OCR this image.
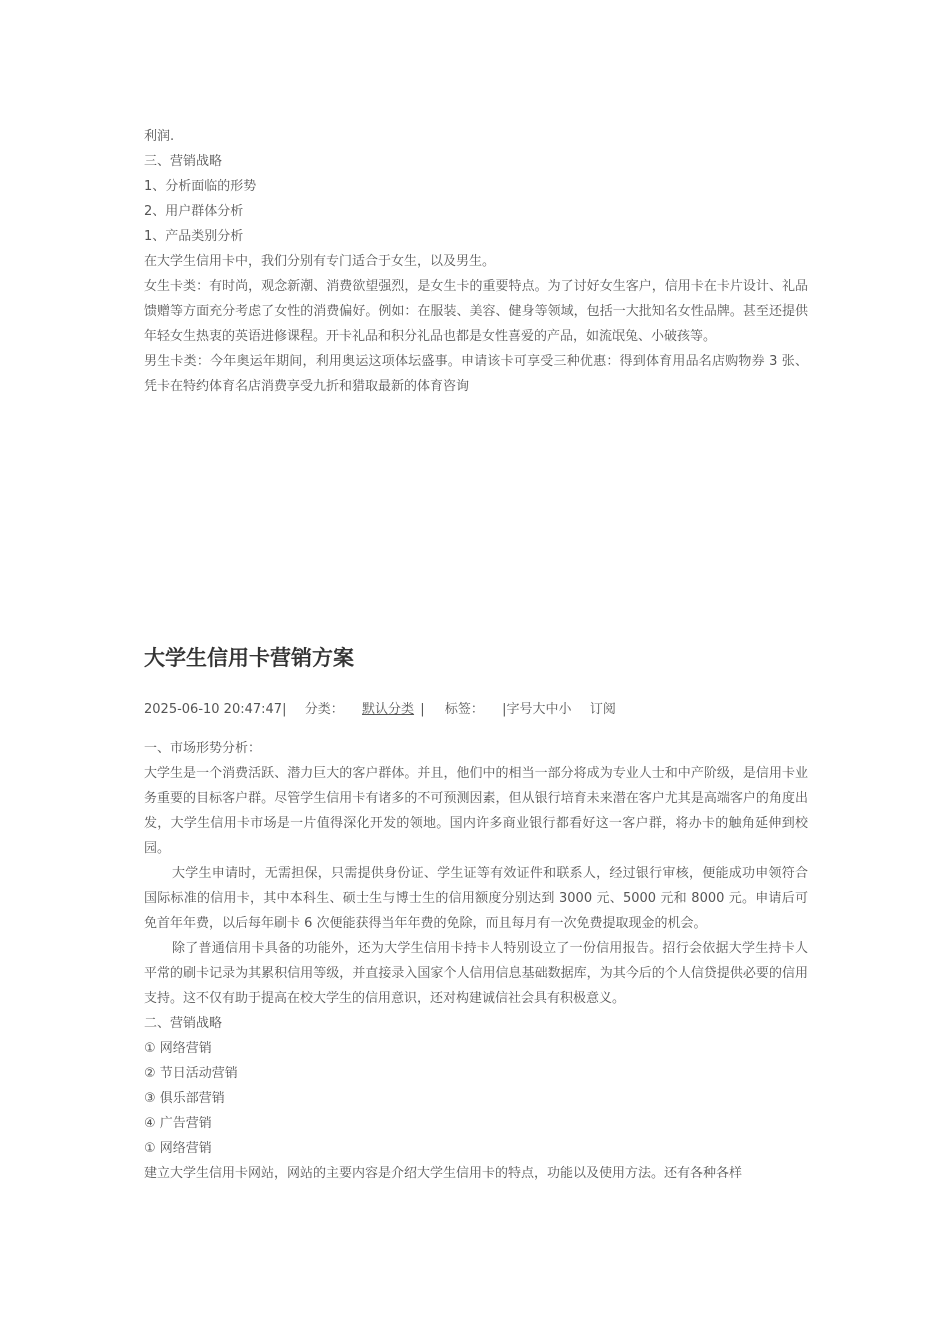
利润.

三、营销战略

1、分析面临的形势

2、用户群体分析

1、产品类别分析

在大学生信用卡中，我们分别有专门适合于女生，以及男生。

女生卡类：有时尚，观念新潮、消费欲望强烈，是女生卡的重要特点。为了讨好女生客户，信用卡在卡片设计、礼品馈赠等方面充分考虑了女性的消费偏好。例如：在服装、美容、健身等领域，包括一大批知名女性品牌。甚至还提供年轻女生热衷的英语进修课程。开卡礼品和积分礼品也都是女性喜爱的产品，如流氓兔、小破孩等。

男生卡类：今年奥运年期间，利用奥运这项体坛盛事。申请该卡可享受三种优惠：得到体育用品名店购物券 3 张、凭卡在特约体育名店消费享受九折和猎取最新的体育咨询

大学生信用卡营销方案
2025-06-10 20:47:47| 分类： 默认分类 | 标签： |字号大中小 订阅

一、市场形势分析：

大学生是一个消费活跃、潜力巨大的客户群体。并且，他们中的相当一部分将成为专业人士和中产阶级，是信用卡业务重要的目标客户群。尽管学生信用卡有诸多的不可预测因素，但从银行培育未来潜在客户尤其是高端客户的角度出发，大学生信用卡市场是一片值得深化开发的领地。国内许多商业银行都看好这一客户群，将办卡的触角延伸到校园。

大学生申请时，无需担保，只需提供身份证、学生证等有效证件和联系人，经过银行审核，便能成功申领符合国际标准的信用卡，其中本科生、硕士生与博士生的信用额度分别达到 3000 元、5000 元和 8000 元。申请后可免首年年费，以后每年刷卡 6 次便能获得当年年费的免除，而且每月有一次免费提取现金的机会。

除了普通信用卡具备的功能外，还为大学生信用卡持卡人特别设立了一份信用报告。招行会依据大学生持卡人平常的刷卡记录为其累积信用等级，并直接录入国家个人信用信息基础数据库，为其今后的个人信贷提供必要的信用支持。这不仅有助于提高在校大学生的信用意识，还对构建诚信社会具有积极意义。

二、营销战略

① 网络营销

② 节日活动营销

③ 俱乐部营销

④ 广告营销

① 网络营销

建立大学生信用卡网站，网站的主要内容是介绍大学生信用卡的特点，功能以及使用方法。还有各种各样
